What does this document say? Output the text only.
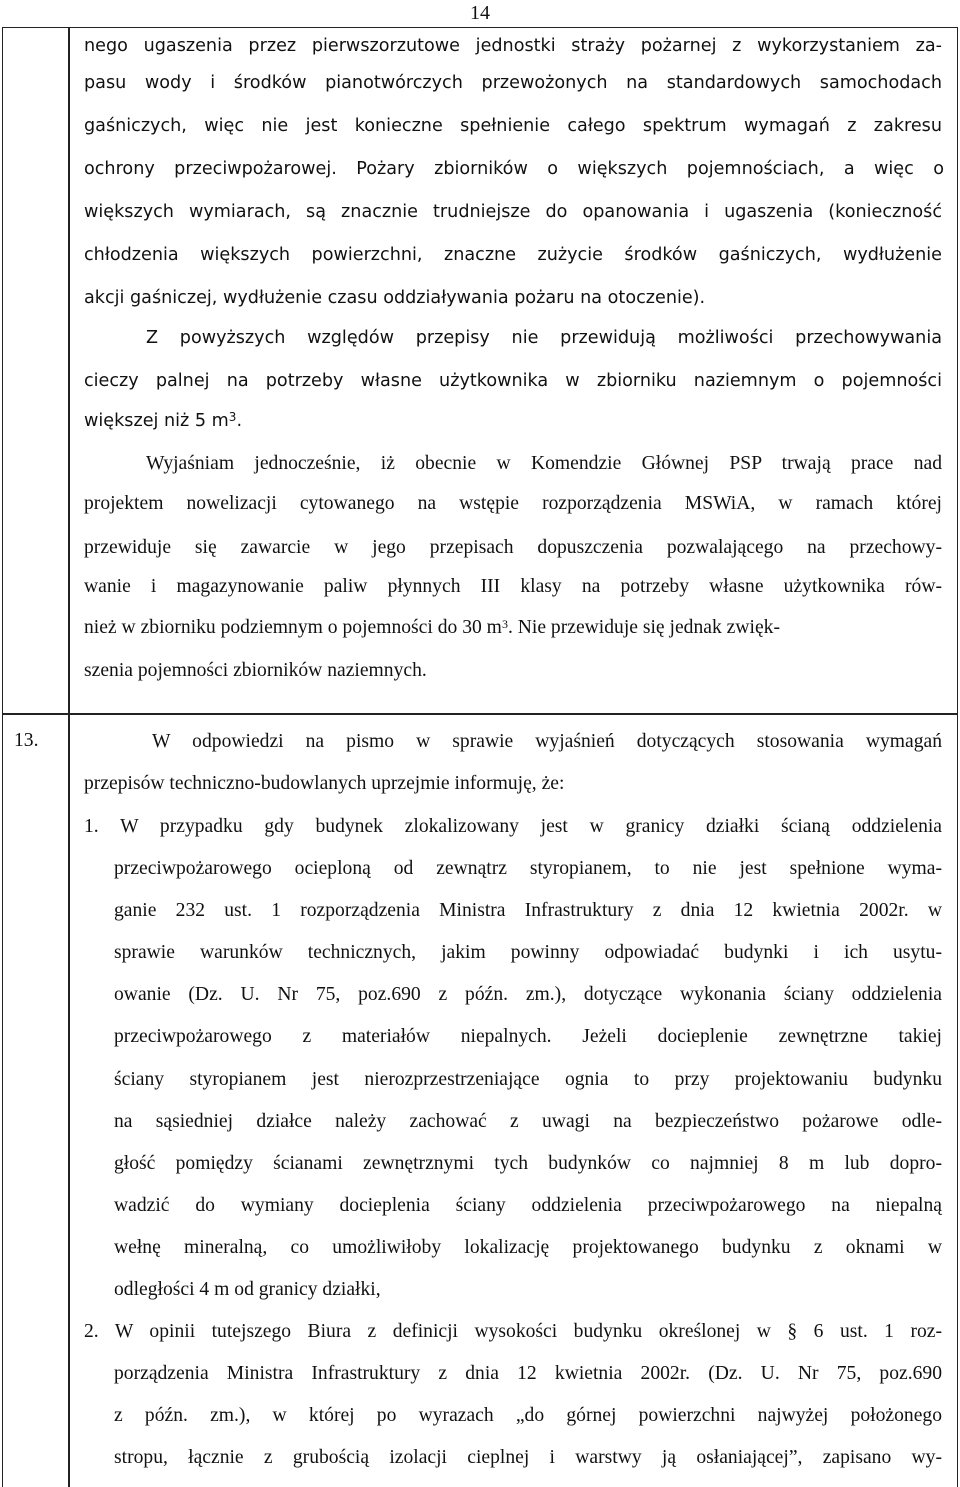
14
nego ugaszenia przez pierwszorzutowe jednostki straży pożarnej z wykorzystaniem za-
pasu wody i środków pianotwórczych przewożonych na standardowych samochodach
gaśniczych, więc nie jest konieczne spełnienie całego spektrum wymagań z zakresu
ochrony przeciwpożarowej. Pożary zbiorników o większych pojemnościach, a więc o
większych wymiarach, są znacznie trudniejsze do opanowania i ugaszenia (konieczność
chłodzenia większych powierzchni, znaczne zużycie środków gaśniczych, wydłużenie
akcji gaśniczej, wydłużenie czasu oddziaływania pożaru na otoczenie).
Z powyższych względów przepisy nie przewidują możliwości przechowywania
cieczy palnej na potrzeby własne użytkownika w zbiorniku naziemnym o pojemności
większej niż 5 $m^3$.
Wyjaśniam jednocześnie, iż obecnie w Komendzie Głównej PSP trwają prace nad
projektem nowelizacji cytowanego na wstępie rozporządzenia MSWiA, w ramach której
przewiduje się zawarcie w jego przepisach dopuszczenia pozwalającego na przechowy-
wanie i magazynowanie paliw płynnych III klasy na potrzeby własne użytkownika rów-
nież w zbiorniku podziemnym o pojemności do 30 $m^3$. Nie przewiduje się jednak zwięk-
szenia pojemności zbiorników naziemnych.
13.	W odpowiedzi na pismo w sprawie wyjaśnień dotyczących stosowania wymagań
przepisów techniczno-budowlanych uprzejmie informuję, że:
1. W przypadku gdy budynek zlokalizowany jest w granicy działki ścianą oddzielenia
przeciwpożarowego ocieploną od zewnątrz styropianem, to nie jest spełnione wyma-
ganie 232 ust. 1 rozporządzenia Ministra Infrastruktury z dnia 12 kwietnia 2002r. w
sprawie warunków technicznych, jakim powinny odpowiadać budynki i ich usytu-
owanie (Dz. U. Nr 75, poz.690 z późn. zm.), dotyczące wykonania ściany oddzielenia
przeciwpożarowego z materiałów niepalnych. Jeżeli docieplenie zewnętrzne takiej
ściany styropianem jest nierozprzestrzeniające ognia to przy projektowaniu budynku
na sąsiedniej działce należy zachować z uwagi na bezpieczeństwo pożarowe odle-
głość pomiędzy ścianami zewnętrznymi tych budynków co najmniej 8 m lub dopro-
wadzić do wymiany docieplenia ściany oddzielenia przeciwpożarowego na niepalną
wełnę mineralną, co umożliwiłoby lokalizację projektowanego budynku z oknami w
odległości 4 m od granicy działki,
2. W opinii tutejszego Biura z definicji wysokości budynku określonej w § 6 ust. 1 roz-
porządzenia Ministra Infrastruktury z dnia 12 kwietnia 2002r. (Dz. U. Nr 75, poz.690
z późn. zm.), w której po wyrazach „do górnej powierzchni najwyżej położonego
stropu, łącznie z grubością izolacji cieplnej i warstwy ją osłaniającej”, zapisano wy-
